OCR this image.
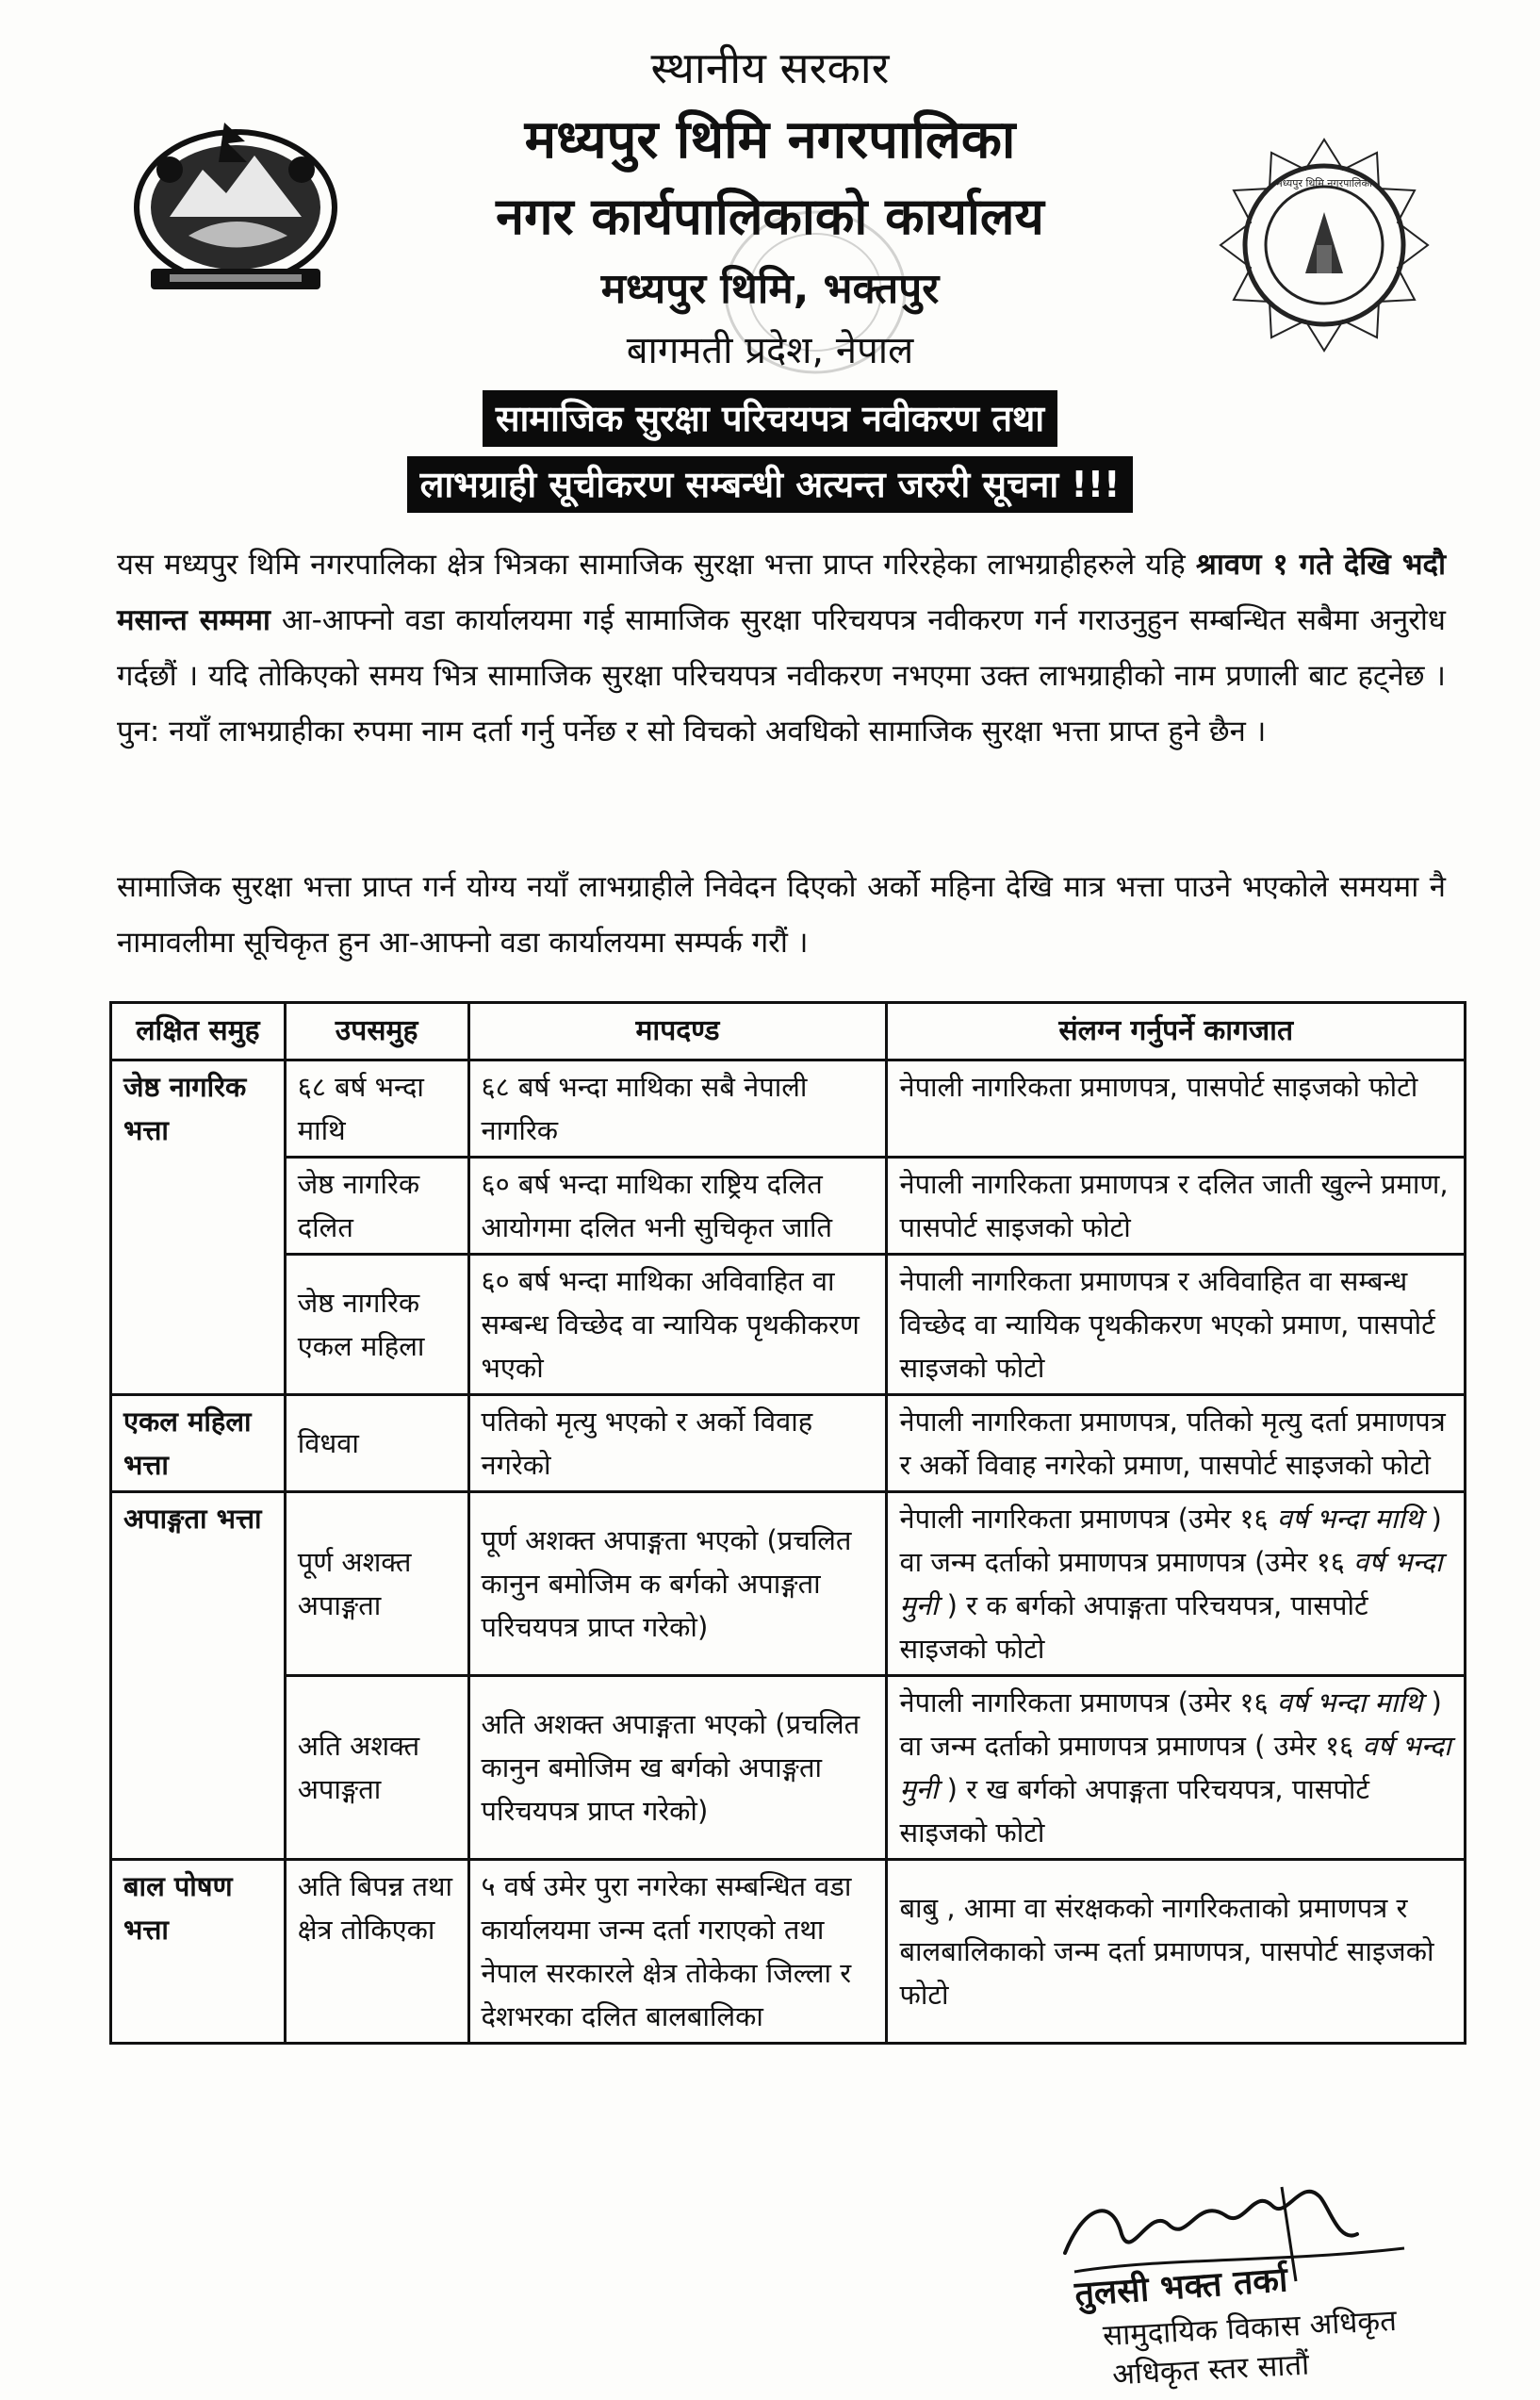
मध्यपुर थिमि नगरपालिका
स्थानीय सरकार
मध्यपुर थिमि नगरपालिका
नगर कार्यपालिकाको कार्यालय
मध्यपुर थिमि, भक्तपुर
बागमती प्रदेश, नेपाल
सामाजिक सुरक्षा परिचयपत्र नवीकरण तथा
लाभग्राही सूचीकरण सम्बन्धी अत्यन्त जरुरी सूचना !!!
यस मध्यपुर थिमि नगरपालिका क्षेत्र भित्रका सामाजिक सुरक्षा भत्ता प्राप्त गरिरहेका लाभग्राहीहरुले यहि श्रावण १ गते देखि भदौ मसान्त सम्ममा आ-आफ्नो वडा कार्यालयमा गई सामाजिक सुरक्षा परिचयपत्र नवीकरण गर्न गराउनुहुन सम्बन्धित सबैमा अनुरोध गर्दछौं । यदि तोकिएको समय भित्र सामाजिक सुरक्षा परिचयपत्र नवीकरण नभएमा उक्त लाभग्राहीको नाम प्रणाली बाट हट्नेछ । पुन: नयाँ लाभग्राहीका रुपमा नाम दर्ता गर्नु पर्नेछ र सो विचको अवधिको सामाजिक सुरक्षा भत्ता प्राप्त हुने छैन ।
सामाजिक सुरक्षा भत्ता प्राप्त गर्न योग्य नयाँ लाभग्राहीले निवेदन दिएको अर्को महिना देखि मात्र भत्ता पाउने भएकोले समयमा नै नामावलीमा सूचिकृत हुन आ-आफ्नो वडा कार्यालयमा सम्पर्क गरौं ।
लक्षित समुह	उपसमुह	मापदण्ड	संलग्न गर्नुपर्ने कागजात
जेष्ठ नागरिक भत्ता	६८ बर्ष भन्दा माथि	६८ बर्ष भन्दा माथिका सबै नेपाली नागरिक	नेपाली नागरिकता प्रमाणपत्र, पासपोर्ट साइजको फोटो
	जेष्ठ नागरिक दलित	६० बर्ष भन्दा माथिका राष्ट्रिय दलित आयोगमा दलित भनी सुचिकृत जाति	नेपाली नागरिकता प्रमाणपत्र र दलित जाती खुल्ने प्रमाण, पासपोर्ट साइजको फोटो
	जेष्ठ नागरिक एकल महिला	६० बर्ष भन्दा माथिका अविवाहित वा सम्बन्ध विच्छेद वा न्यायिक पृथकीकरण भएको	नेपाली नागरिकता प्रमाणपत्र र अविवाहित वा सम्बन्ध विच्छेद वा न्यायिक पृथकीकरण भएको प्रमाण, पासपोर्ट साइजको फोटो
एकल महिला भत्ता	विधवा	पतिको मृत्यु भएको र अर्को विवाह नगरेको	नेपाली नागरिकता प्रमाणपत्र, पतिको मृत्यु दर्ता प्रमाणपत्र र अर्को विवाह नगरेको प्रमाण, पासपोर्ट साइजको फोटो
अपाङ्गता भत्ता	पूर्ण अशक्त अपाङ्गता	पूर्ण अशक्त अपाङ्गता भएको (प्रचलित कानुन बमोजिम क बर्गको अपाङ्गता परिचयपत्र प्राप्त गरेको)	नेपाली नागरिकता प्रमाणपत्र (उमेर १६ वर्ष भन्दा माथि ) वा जन्म दर्ताको प्रमाणपत्र प्रमाणपत्र (उमेर १६ वर्ष भन्दा मुनी ) र क बर्गको अपाङ्गता परिचयपत्र, पासपोर्ट साइजको फोटो
	अति अशक्त अपाङ्गता	अति अशक्त अपाङ्गता भएको (प्रचलित कानुन बमोजिम ख बर्गको अपाङ्गता परिचयपत्र प्राप्त गरेको)	नेपाली नागरिकता प्रमाणपत्र (उमेर १६ वर्ष भन्दा माथि ) वा जन्म दर्ताको प्रमाणपत्र प्रमाणपत्र ( उमेर १६ वर्ष भन्दा मुनी ) र ख बर्गको अपाङ्गता परिचयपत्र, पासपोर्ट साइजको फोटो
बाल पोषण भत्ता	अति बिपन्न तथा क्षेत्र तोकिएका	५ वर्ष उमेर पुरा नगरेका सम्बन्धित वडा कार्यालयमा जन्म दर्ता गराएको तथा नेपाल सरकारले क्षेत्र तोकेका जिल्ला र देशभरका दलित बालबालिका	बाबु , आमा वा संरक्षकको नागरिकताको प्रमाणपत्र र बालबालिकाको जन्म दर्ता प्रमाणपत्र, पासपोर्ट साइजको फोटो
तुलसी भक्त तर्का
सामुदायिक विकास अधिकृत
अधिकृत स्तर सातौं
